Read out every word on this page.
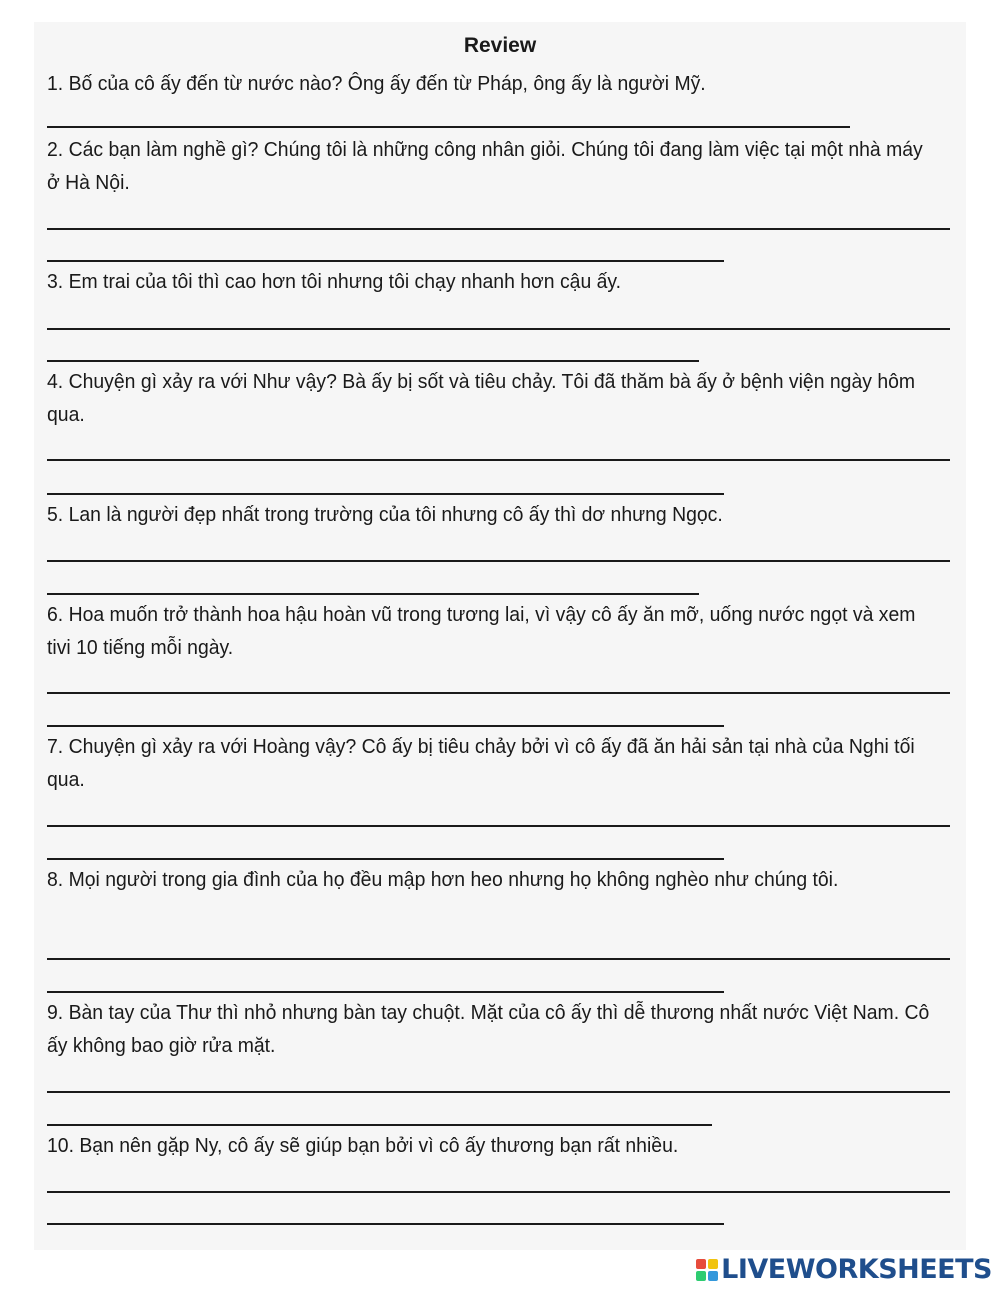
Review
1. Bố của cô ấy đến từ nước nào? Ông ấy đến từ Pháp, ông ấy là người Mỹ.
2. Các bạn làm nghề gì? Chúng tôi là những công nhân giỏi. Chúng tôi đang làm việc tại một nhà máy ở Hà Nội.
3. Em trai của tôi thì cao hơn tôi nhưng tôi chạy nhanh hơn cậu ấy.
4. Chuyện gì xảy ra với Như vậy? Bà ấy bị sốt và tiêu chảy. Tôi đã thăm bà ấy ở bệnh viện ngày hôm qua.
5. Lan là người đẹp nhất trong trường của tôi nhưng cô ấy thì dơ nhưng Ngọc.
6. Hoa muốn trở thành hoa hậu hoàn vũ trong tương lai, vì vậy cô ấy ăn mỡ, uống nước ngọt và xem tivi 10 tiếng mỗi ngày.
7. Chuyện gì xảy ra với Hoàng vậy? Cô ấy bị tiêu chảy bởi vì cô ấy đã ăn hải sản tại nhà của Nghi tối qua.
8. Mọi người trong gia đình của họ đều mập hơn heo nhưng họ không nghèo như chúng tôi.
9. Bàn tay của Thư thì nhỏ nhưng bàn tay chuột. Mặt của cô ấy thì dễ thương nhất nước Việt Nam. Cô ấy không bao giờ rửa mặt.
10. Bạn nên gặp Ny, cô ấy sẽ giúp bạn bởi vì cô ấy thương bạn rất nhiều.
LIVEWORKSHEETS
